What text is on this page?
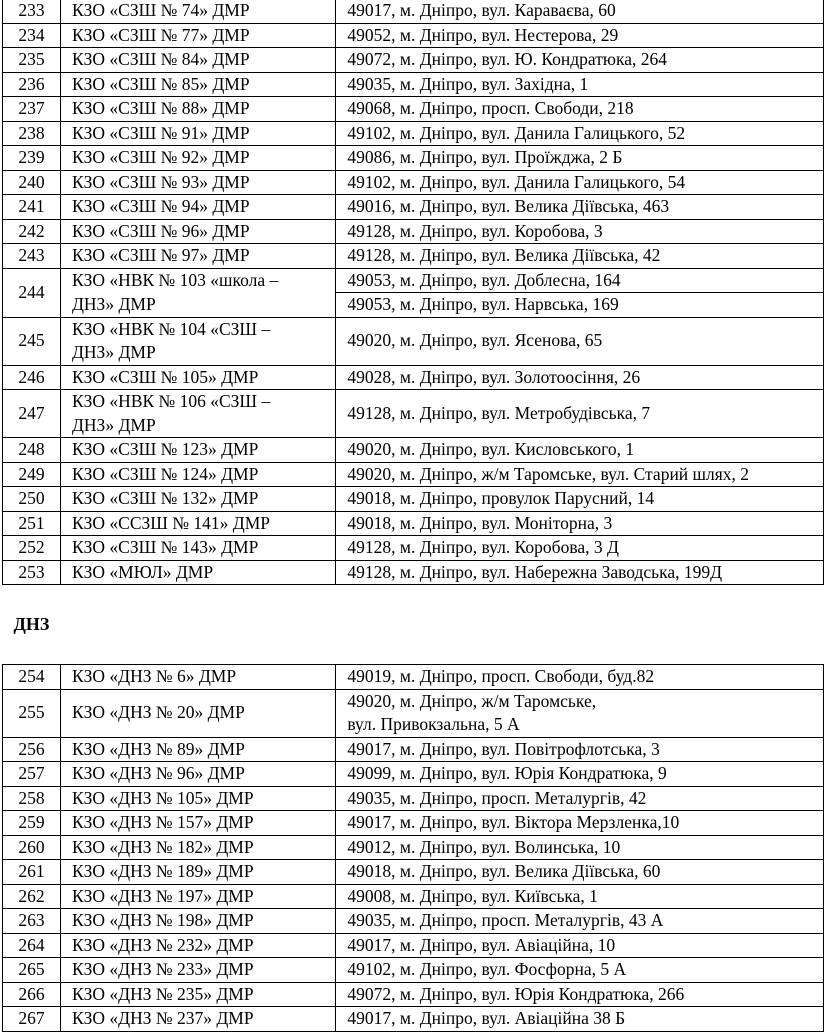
233	КЗО «СЗШ № 74» ДМР	49017, м. Дніпро, вул. Караваєва, 60
234	КЗО «СЗШ № 77» ДМР	49052, м. Дніпро, вул. Нестерова, 29
235	КЗО «СЗШ № 84» ДМР	49072, м. Дніпро, вул. Ю. Кондратюка, 264
236	КЗО «СЗШ № 85» ДМР	49035, м. Дніпро, вул. Західна, 1
237	КЗО «СЗШ № 88» ДМР	49068, м. Дніпро, просп. Свободи, 218
238	КЗО «СЗШ № 91» ДМР	49102, м. Дніпро, вул. Данила Галицького, 52
239	КЗО «СЗШ № 92» ДМР	49086, м. Дніпро, вул. Проїжджа, 2 Б
240	КЗО «СЗШ № 93» ДМР	49102, м. Дніпро, вул. Данила Галицького, 54
241	КЗО «СЗШ № 94» ДМР	49016, м. Дніпро, вул. Велика Діївська, 463
242	КЗО «СЗШ № 96» ДМР	49128, м. Дніпро, вул. Коробова, 3
243	КЗО «СЗШ № 97» ДМР	49128, м. Дніпро, вул. Велика Діївська, 42
244	КЗО «НВК № 103 «школа –
ДНЗ» ДМР	49053, м. Дніпро, вул. Доблесна, 164
		49053, м. Дніпро, вул. Нарвська, 169
245	КЗО «НВК № 104 «СЗШ –
ДНЗ» ДМР	49020, м. Дніпро, вул. Ясенова, 65
246	КЗО «СЗШ № 105» ДМР	49028, м. Дніпро, вул. Золотоосіння, 26
247	КЗО «НВК № 106 «СЗШ –
ДНЗ» ДМР	49128, м. Дніпро, вул. Метробудівська, 7
248	КЗО «СЗШ № 123» ДМР	49020, м. Дніпро, вул. Кисловського, 1
249	КЗО «СЗШ № 124» ДМР	49020, м. Дніпро, ж/м Таромське, вул. Старий шлях, 2
250	КЗО «СЗШ № 132» ДМР	49018, м. Дніпро, провулок Парусний, 14
251	КЗО «ССЗШ № 141» ДМР	49018, м. Дніпро, вул. Моніторна, 3
252	КЗО «СЗШ № 143» ДМР	49128, м. Дніпро, вул. Коробова, 3 Д
253	КЗО «МЮЛ» ДМР	49128, м. Дніпро, вул. Набережна Заводська, 199Д
ДНЗ		
254	КЗО «ДНЗ № 6» ДМР	49019, м. Дніпро, просп. Свободи, буд.82
255	КЗО «ДНЗ № 20» ДМР	49020, м. Дніпро, ж/м Таромське,
вул. Привокзальна, 5 А

256	КЗО «ДНЗ № 89» ДМР	49017, м. Дніпро, вул. Повітрофлотська, 3
257	КЗО «ДНЗ № 96» ДМР	49099, м. Дніпро, вул. Юрія Кондратюка, 9
258	КЗО «ДНЗ № 105» ДМР	49035, м. Дніпро, просп. Металургів, 42
259	КЗО «ДНЗ № 157» ДМР	49017, м. Дніпро, вул. Віктора Мерзленка,10
260	КЗО «ДНЗ № 182» ДМР	49012, м. Дніпро, вул. Волинська, 10
261	КЗО «ДНЗ № 189» ДМР	49018, м. Дніпро, вул. Велика Діївська, 60
262	КЗО «ДНЗ № 197» ДМР	49008, м. Дніпро, вул. Київська, 1
263	КЗО «ДНЗ № 198» ДМР	49035, м. Дніпро, просп. Металургів, 43 А
264	КЗО «ДНЗ № 232» ДМР	49017, м. Дніпро, вул. Авіаційна, 10
265	КЗО «ДНЗ № 233» ДМР	49102, м. Дніпро, вул. Фосфорна, 5 А
266	КЗО «ДНЗ № 235» ДМР	49072, м. Дніпро, вул. Юрія Кондратюка, 266
267	КЗО «ДНЗ № 237» ДМР	49017, м. Дніпро, вул. Авіаційна 38 Б
